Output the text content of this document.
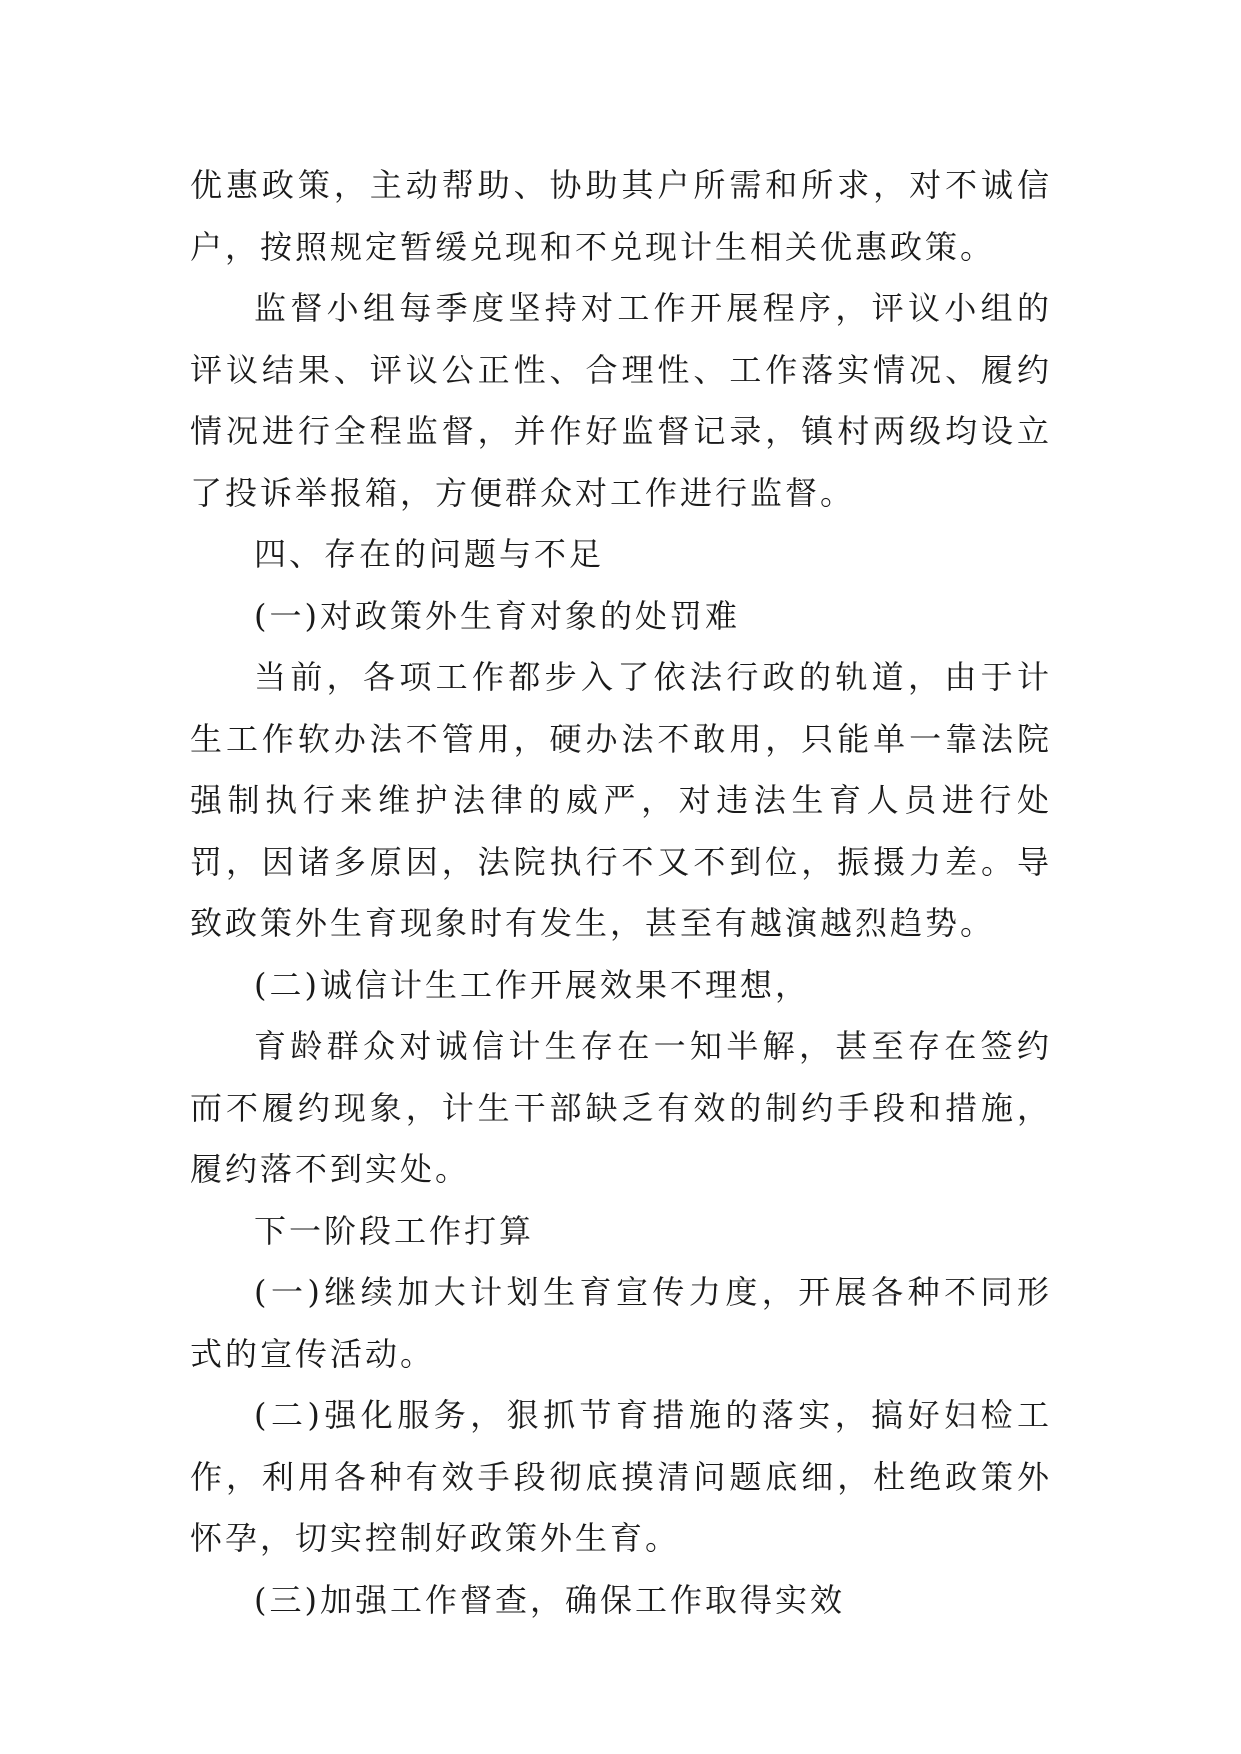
优惠政策，主动帮助、协助其户所需和所求，对不诚信户，按照规定暂缓兑现和不兑现计生相关优惠政策。

监督小组每季度坚持对工作开展程序，评议小组的评议结果、评议公正性、合理性、工作落实情况、履约情况进行全程监督，并作好监督记录，镇村两级均设立了投诉举报箱，方便群众对工作进行监督。

四、存在的问题与不足

(一)对政策外生育对象的处罚难

当前，各项工作都步入了依法行政的轨道，由于计生工作软办法不管用，硬办法不敢用，只能单一靠法院强制执行来维护法律的威严，对违法生育人员进行处罚，因诸多原因，法院执行不又不到位，振摄力差。导致政策外生育现象时有发生，甚至有越演越烈趋势。

(二)诚信计生工作开展效果不理想，

育龄群众对诚信计生存在一知半解，甚至存在签约而不履约现象，计生干部缺乏有效的制约手段和措施，履约落不到实处。

下一阶段工作打算

(一)继续加大计划生育宣传力度，开展各种不同形式的宣传活动。

(二)强化服务，狠抓节育措施的落实，搞好妇检工作，利用各种有效手段彻底摸清问题底细，杜绝政策外怀孕，切实控制好政策外生育。

(三)加强工作督查，确保工作取得实效
